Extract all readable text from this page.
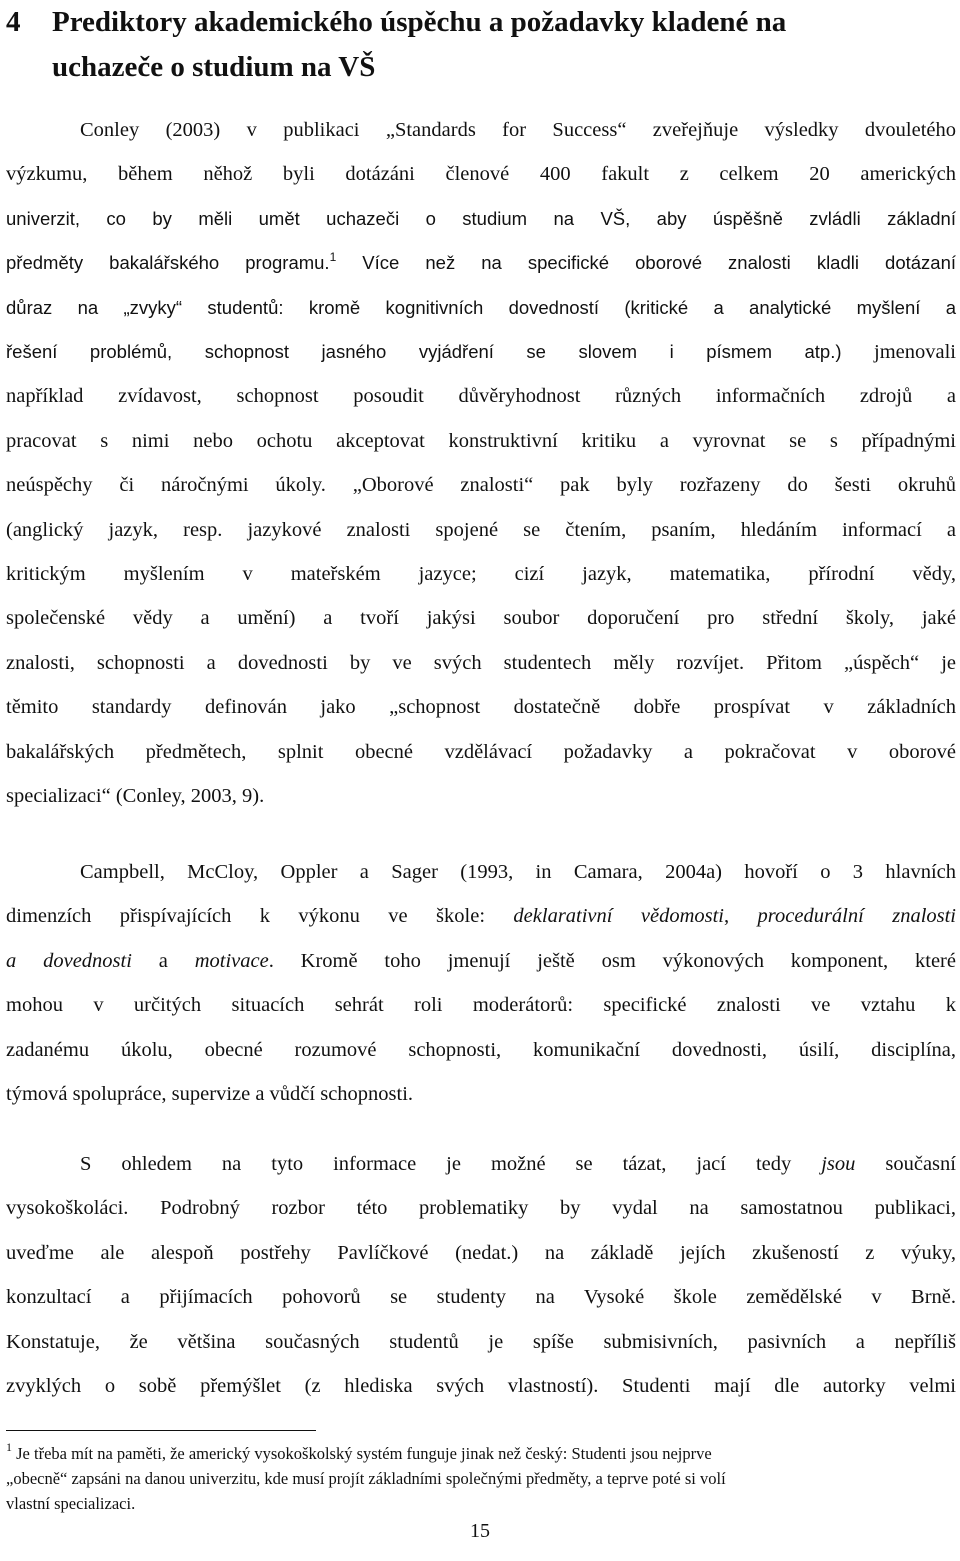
4 Prediktory akademického úspěchu a požadavky kladené na
uchazeče o studium na VŠ
Conley (2003) v publikaci „Standards for Success“ zveřejňuje výsledky dvouletého
výzkumu, během něhož byli dotázáni členové 400 fakult z celkem 20 amerických
univerzit, co by měli umět uchazeči o studium na VŠ, aby úspěšně zvládli základní
předměty bakalářského programu.$^1$ Více než na specifické oborové znalosti kladli dotázaní
důraz na „zvyky“ studentů: kromě kognitivních dovedností (kritické a analytické myšlení a
řešení problémů, schopnost jasného vyjádření se slovem i písmem atp.) jmenovali
například zvídavost, schopnost posoudit důvěryhodnost různých informačních zdrojů a
pracovat s nimi nebo ochotu akceptovat konstruktivní kritiku a vyrovnat se s případnými
neúspěchy či náročnými úkoly. „Oborové znalosti“ pak byly rozřazeny do šesti okruhů
(anglický jazyk, resp. jazykové znalosti spojené se čtením, psaním, hledáním informací a
kritickým myšlením v mateřském jazyce; cizí jazyk, matematika, přírodní vědy,
společenské vědy a umění) a tvoří jakýsi soubor doporučení pro střední školy, jaké
znalosti, schopnosti a dovednosti by ve svých studentech měly rozvíjet. Přitom „úspěch“ je
těmito standardy definován jako „schopnost dostatečně dobře prospívat v základních
bakalářských předmětech, splnit obecné vzdělávací požadavky a pokračovat v oborové
specializaci“ (Conley, 2003, 9).
Campbell, McCloy, Oppler a Sager (1993, in Camara, 2004a) hovoří o 3 hlavních
dimenzích přispívajících k výkonu ve škole: deklarativní vědomosti, procedurální znalosti
a dovednosti a motivace. Kromě toho jmenují ještě osm výkonových komponent, které
mohou v určitých situacích sehrát roli moderátorů: specifické znalosti ve vztahu k
zadanému úkolu, obecné rozumové schopnosti, komunikační dovednosti, úsilí, disciplína,
týmová spolupráce, supervize a vůdčí schopnosti.
S ohledem na tyto informace je možné se tázat, jací tedy jsou současní
vysokoškoláci. Podrobný rozbor této problematiky by vydal na samostatnou publikaci,
uveďme ale alespoň postřehy Pavlíčkové (nedat.) na základě jejích zkušeností z výuky,
konzultací a přijímacích pohovorů se studenty na Vysoké škole zemědělské v Brně.
Konstatuje, že většina současných studentů je spíše submisivních, pasivních a nepříliš
zvyklých o sobě přemýšlet (z hlediska svých vlastností). Studenti mají dle autorky velmi
$^1$ Je třeba mít na paměti, že americký vysokoškolský systém funguje jinak než český: Studenti jsou nejprve
„obecně“ zapsáni na danou univerzitu, kde musí projít základními společnými předměty, a teprve poté si volí
vlastní specializaci.
15
